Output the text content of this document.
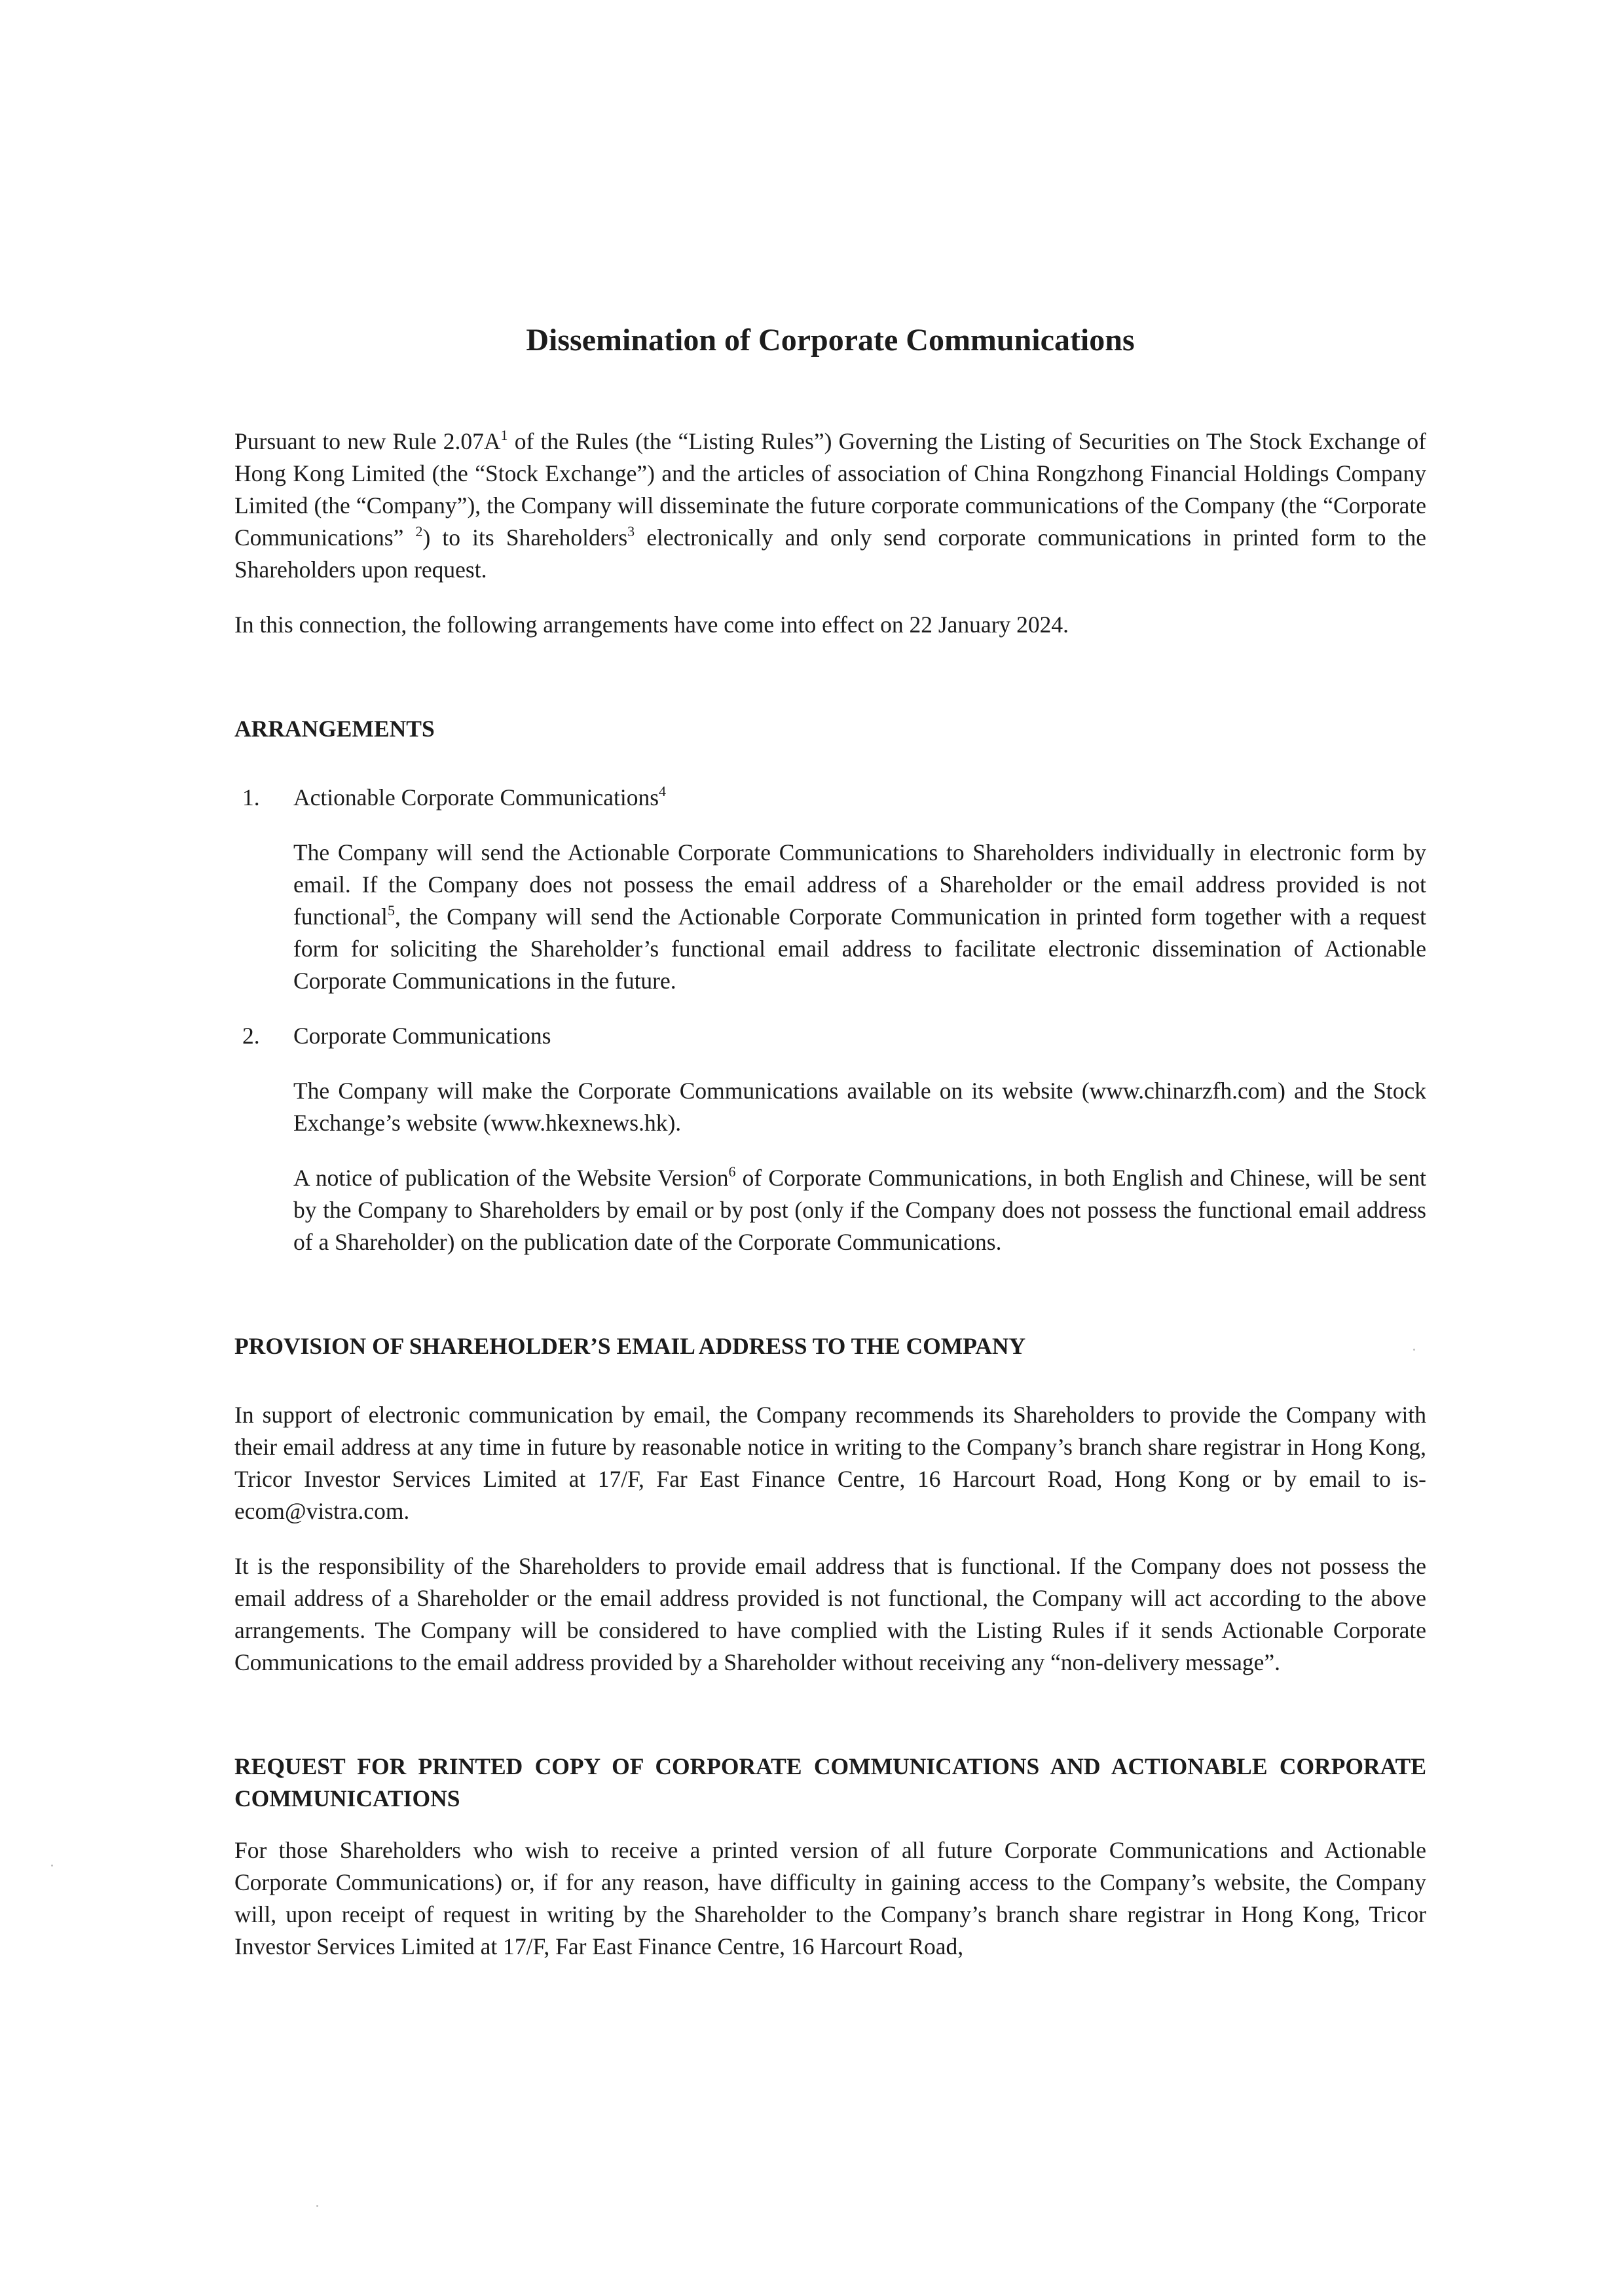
Dissemination of Corporate Communications

Pursuant to new Rule $2.07A^1$ of the Rules (the “Listing Rules”) Governing the Listing of Securities on The Stock Exchange of Hong Kong Limited (the “Stock Exchange”) and the articles of association of China Rongzhong Financial Holdings Company Limited (the “Company”), the Company will disseminate the future corporate communications of the Company (the “Corporate Communications” $^2$) to its Shareholders$^3$ electronically and only send corporate communications in printed form to the Shareholders upon request.

In this connection, the following arrangements have come into effect on 22 January 2024.

ARRANGEMENTS
1. Actionable Corporate Communications$^4$

The Company will send the Actionable Corporate Communications to Shareholders individually in electronic form by email. If the Company does not possess the email address of a Shareholder or the email address provided is not functional$^5$, the Company will send the Actionable Corporate Communication in printed form together with a request form for soliciting the Shareholder’s functional email address to facilitate electronic dissemination of Actionable Corporate Communications in the future.

2. Corporate Communications

The Company will make the Corporate Communications available on its website (www.chinarzfh.com) and the Stock Exchange’s website (www.hkexnews.hk).

A notice of publication of the Website Version$^6$ of Corporate Communications, in both English and Chinese, will be sent by the Company to Shareholders by email or by post (only if the Company does not possess the functional email address of a Shareholder) on the publication date of the Corporate Communications.

PROVISION OF SHAREHOLDER’S EMAIL ADDRESS TO THE COMPANY

In support of electronic communication by email, the Company recommends its Shareholders to provide the Company with their email address at any time in future by reasonable notice in writing to the Company’s branch share registrar in Hong Kong, Tricor Investor Services Limited at 17/F, Far East Finance Centre, 16 Harcourt Road, Hong Kong or by email to is-ecom@vistra.com.

It is the responsibility of the Shareholders to provide email address that is functional. If the Company does not possess the email address of a Shareholder or the email address provided is not functional, the Company will act according to the above arrangements. The Company will be considered to have complied with the Listing Rules if it sends Actionable Corporate Communications to the email address provided by a Shareholder without receiving any “non-delivery message”.

REQUEST FOR PRINTED COPY OF CORPORATE COMMUNICATIONS AND ACTIONABLE CORPORATE COMMUNICATIONS

For those Shareholders who wish to receive a printed version of all future Corporate Communications and Actionable Corporate Communications) or, if for any reason, have difficulty in gaining access to the Company’s website, the Company will, upon receipt of request in writing by the Shareholder to the Company’s branch share registrar in Hong Kong, Tricor Investor Services Limited at 17/F, Far East Finance Centre, 16 Harcourt Road,
